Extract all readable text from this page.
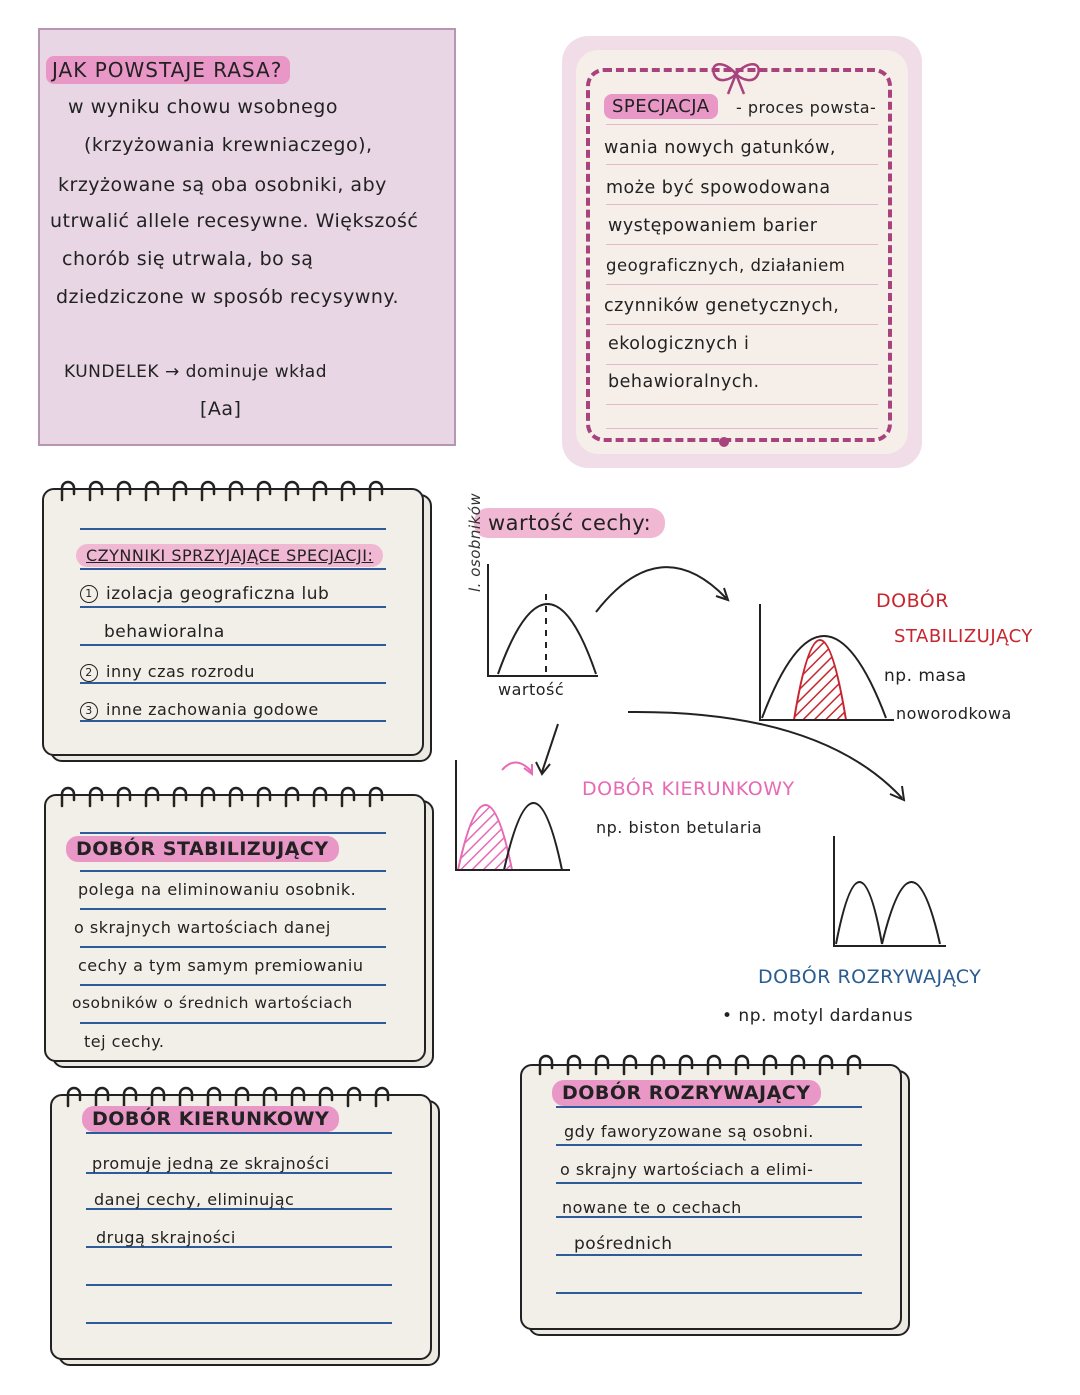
JAK POWSTAJE RASA?
w wyniku chowu wsobnego
(krzyżowania krewniaczego),
krzyżowane są oba osobniki, aby
utrwalić allele recesywne. Większość
chorób się utrwala, bo są
dziedziczone w sposób recysywny.
KUNDELEK → dominuje wkład
[Aa]
SPECJACJA	- proces powsta-
wania nowych gatunków,
może być spowodowana
występowaniem barier
geograficznych, działaniem
czynników genetycznych,
ekologicznych i
behawioralnych.
CZYNNIKI SPRZYJAJĄCE SPECJACJI:
1 izolacja geograficzna lub
behawioralna
2 inny czas rozrodu
3 inne zachowania godowe
DOBÓR STABILIZUJĄCY
polega na eliminowaniu osobnik.
o skrajnych wartościach danej
cechy a tym samym premiowaniu
osobników o średnich wartościach
tej cechy.
DOBÓR KIERUNKOWY
promuje jedną ze skrajności
danej cechy, eliminując
drugą skrajności
DOBÓR ROZRYWAJĄCY
gdy faworyzowane są osobni.
o skrajny wartościach a elimi-
nowane te o cechach
pośrednich
wartość cechy:
l. osobników
wartość
DOBÓR
STABILIZUJĄCY
np. masa
noworodkowa
DOBÓR KIERUNKOWY
np. biston betularia
DOBÓR ROZRYWAJĄCY
• np. motyl dardanus
